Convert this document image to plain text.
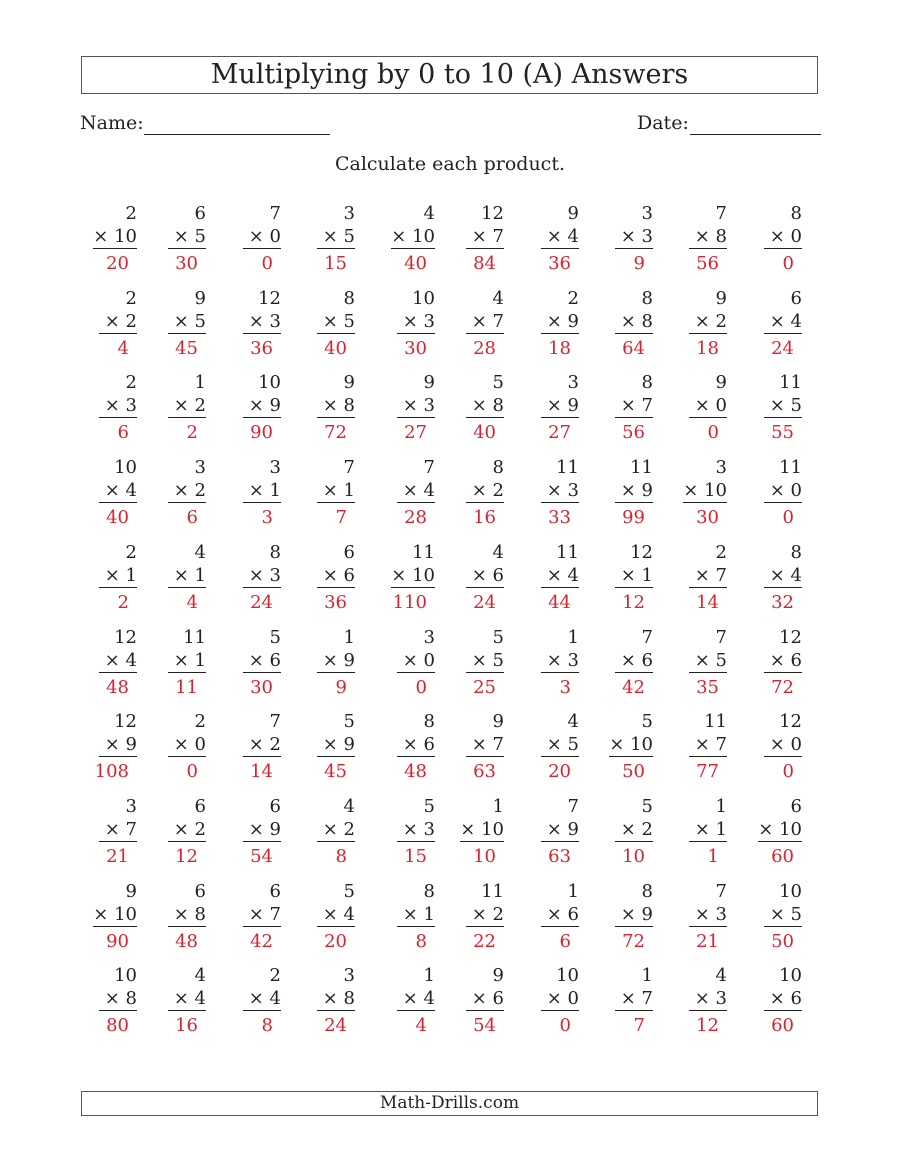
Multiplying by 0 to 10 (A) Answers
Name:	Date:
Calculate each product.
2
× 10
20
6
× 5
30
7
× 0
0
3
× 5
15
4
× 10
40
12
× 7
84
9
× 4
36
3
× 3
9
7
× 8
56
8
× 0
0
2
× 2
4
9
× 5
45
12
× 3
36
8
× 5
40
10
× 3
30
4
× 7
28
2
× 9
18
8
× 8
64
9
× 2
18
6
× 4
24
2
× 3
6
1
× 2
2
10
× 9
90
9
× 8
72
9
× 3
27
5
× 8
40
3
× 9
27
8
× 7
56
9
× 0
0
11
× 5
55
10
× 4
40
3
× 2
6
3
× 1
3
7
× 1
7
7
× 4
28
8
× 2
16
11
× 3
33
11
× 9
99
3
× 10
30
11
× 0
0
2
× 1
2
4
× 1
4
8
× 3
24
6
× 6
36
11
× 10
110
4
× 6
24
11
× 4
44
12
× 1
12
2
× 7
14
8
× 4
32
12
× 4
48
11
× 1
11
5
× 6
30
1
× 9
9
3
× 0
0
5
× 5
25
1
× 3
3
7
× 6
42
7
× 5
35
12
× 6
72
12
× 9
108
2
× 0
0
7
× 2
14
5
× 9
45
8
× 6
48
9
× 7
63
4
× 5
20
5
× 10
50
11
× 7
77
12
× 0
0
3
× 7
21
6
× 2
12
6
× 9
54
4
× 2
8
5
× 3
15
1
× 10
10
7
× 9
63
5
× 2
10
1
× 1
1
6
× 10
60
9
× 10
90
6
× 8
48
6
× 7
42
5
× 4
20
8
× 1
8
11
× 2
22
1
× 6
6
8
× 9
72
7
× 3
21
10
× 5
50
10
× 8
80
4
× 4
16
2
× 4
8
3
× 8
24
1
× 4
4
9
× 6
54
10
× 0
0
1
× 7
7
4
× 3
12
10
× 6
60
Math-Drills.com
